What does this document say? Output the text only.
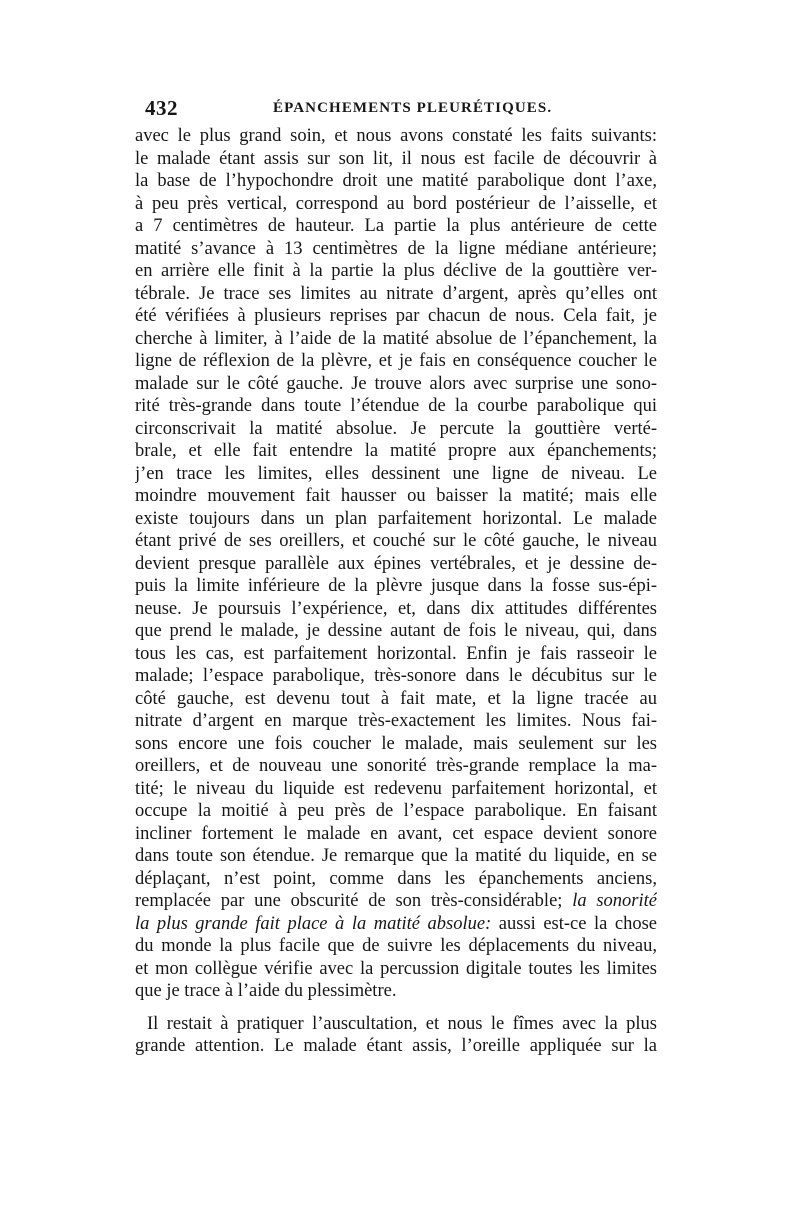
432	ÉPANCHEMENTS PLEURÉTIQUES.
avec le plus grand soin, et nous avons constaté les faits suivants:
le malade étant assis sur son lit, il nous est facile de découvrir à
la base de l’hypochondre droit une matité parabolique dont l’axe,
à peu près vertical, correspond au bord postérieur de l’aisselle, et
a 7 centimètres de hauteur. La partie la plus antérieure de cette
matité s’avance à 13 centimètres de la ligne médiane antérieure;
en arrière elle finit à la partie la plus déclive de la gouttière ver-
tébrale. Je trace ses limites au nitrate d’argent, après qu’elles ont
été vérifiées à plusieurs reprises par chacun de nous. Cela fait, je
cherche à limiter, à l’aide de la matité absolue de l’épanchement, la
ligne de réflexion de la plèvre, et je fais en conséquence coucher le
malade sur le côté gauche. Je trouve alors avec surprise une sono-
rité très-grande dans toute l’étendue de la courbe parabolique qui
circonscrivait la matité absolue. Je percute la gouttière verté-
brale, et elle fait entendre la matité propre aux épanchements;
j’en trace les limites, elles dessinent une ligne de niveau. Le
moindre mouvement fait hausser ou baisser la matité; mais elle
existe toujours dans un plan parfaitement horizontal. Le malade
étant privé de ses oreillers, et couché sur le côté gauche, le niveau
devient presque parallèle aux épines vertébrales, et je dessine de-
puis la limite inférieure de la plèvre jusque dans la fosse sus-épi-
neuse. Je poursuis l’expérience, et, dans dix attitudes différentes
que prend le malade, je dessine autant de fois le niveau, qui, dans
tous les cas, est parfaitement horizontal. Enfin je fais rasseoir le
malade; l’espace parabolique, très-sonore dans le décubitus sur le
côté gauche, est devenu tout à fait mate, et la ligne tracée au
nitrate d’argent en marque très-exactement les limites. Nous fai-
sons encore une fois coucher le malade, mais seulement sur les
oreillers, et de nouveau une sonorité très-grande remplace la ma-
tité; le niveau du liquide est redevenu parfaitement horizontal, et
occupe la moitié à peu près de l’espace parabolique. En faisant
incliner fortement le malade en avant, cet espace devient sonore
dans toute son étendue. Je remarque que la matité du liquide, en se
déplaçant, n’est point, comme dans les épanchements anciens,
remplacée par une obscurité de son très-considérable; la sonorité
la plus grande fait place à la matité absolue: aussi est-ce la chose
du monde la plus facile que de suivre les déplacements du niveau,
et mon collègue vérifie avec la percussion digitale toutes les limites
que je trace à l’aide du plessimètre.
Il restait à pratiquer l’auscultation, et nous le fîmes avec la plus
grande attention. Le malade étant assis, l’oreille appliquée sur la
